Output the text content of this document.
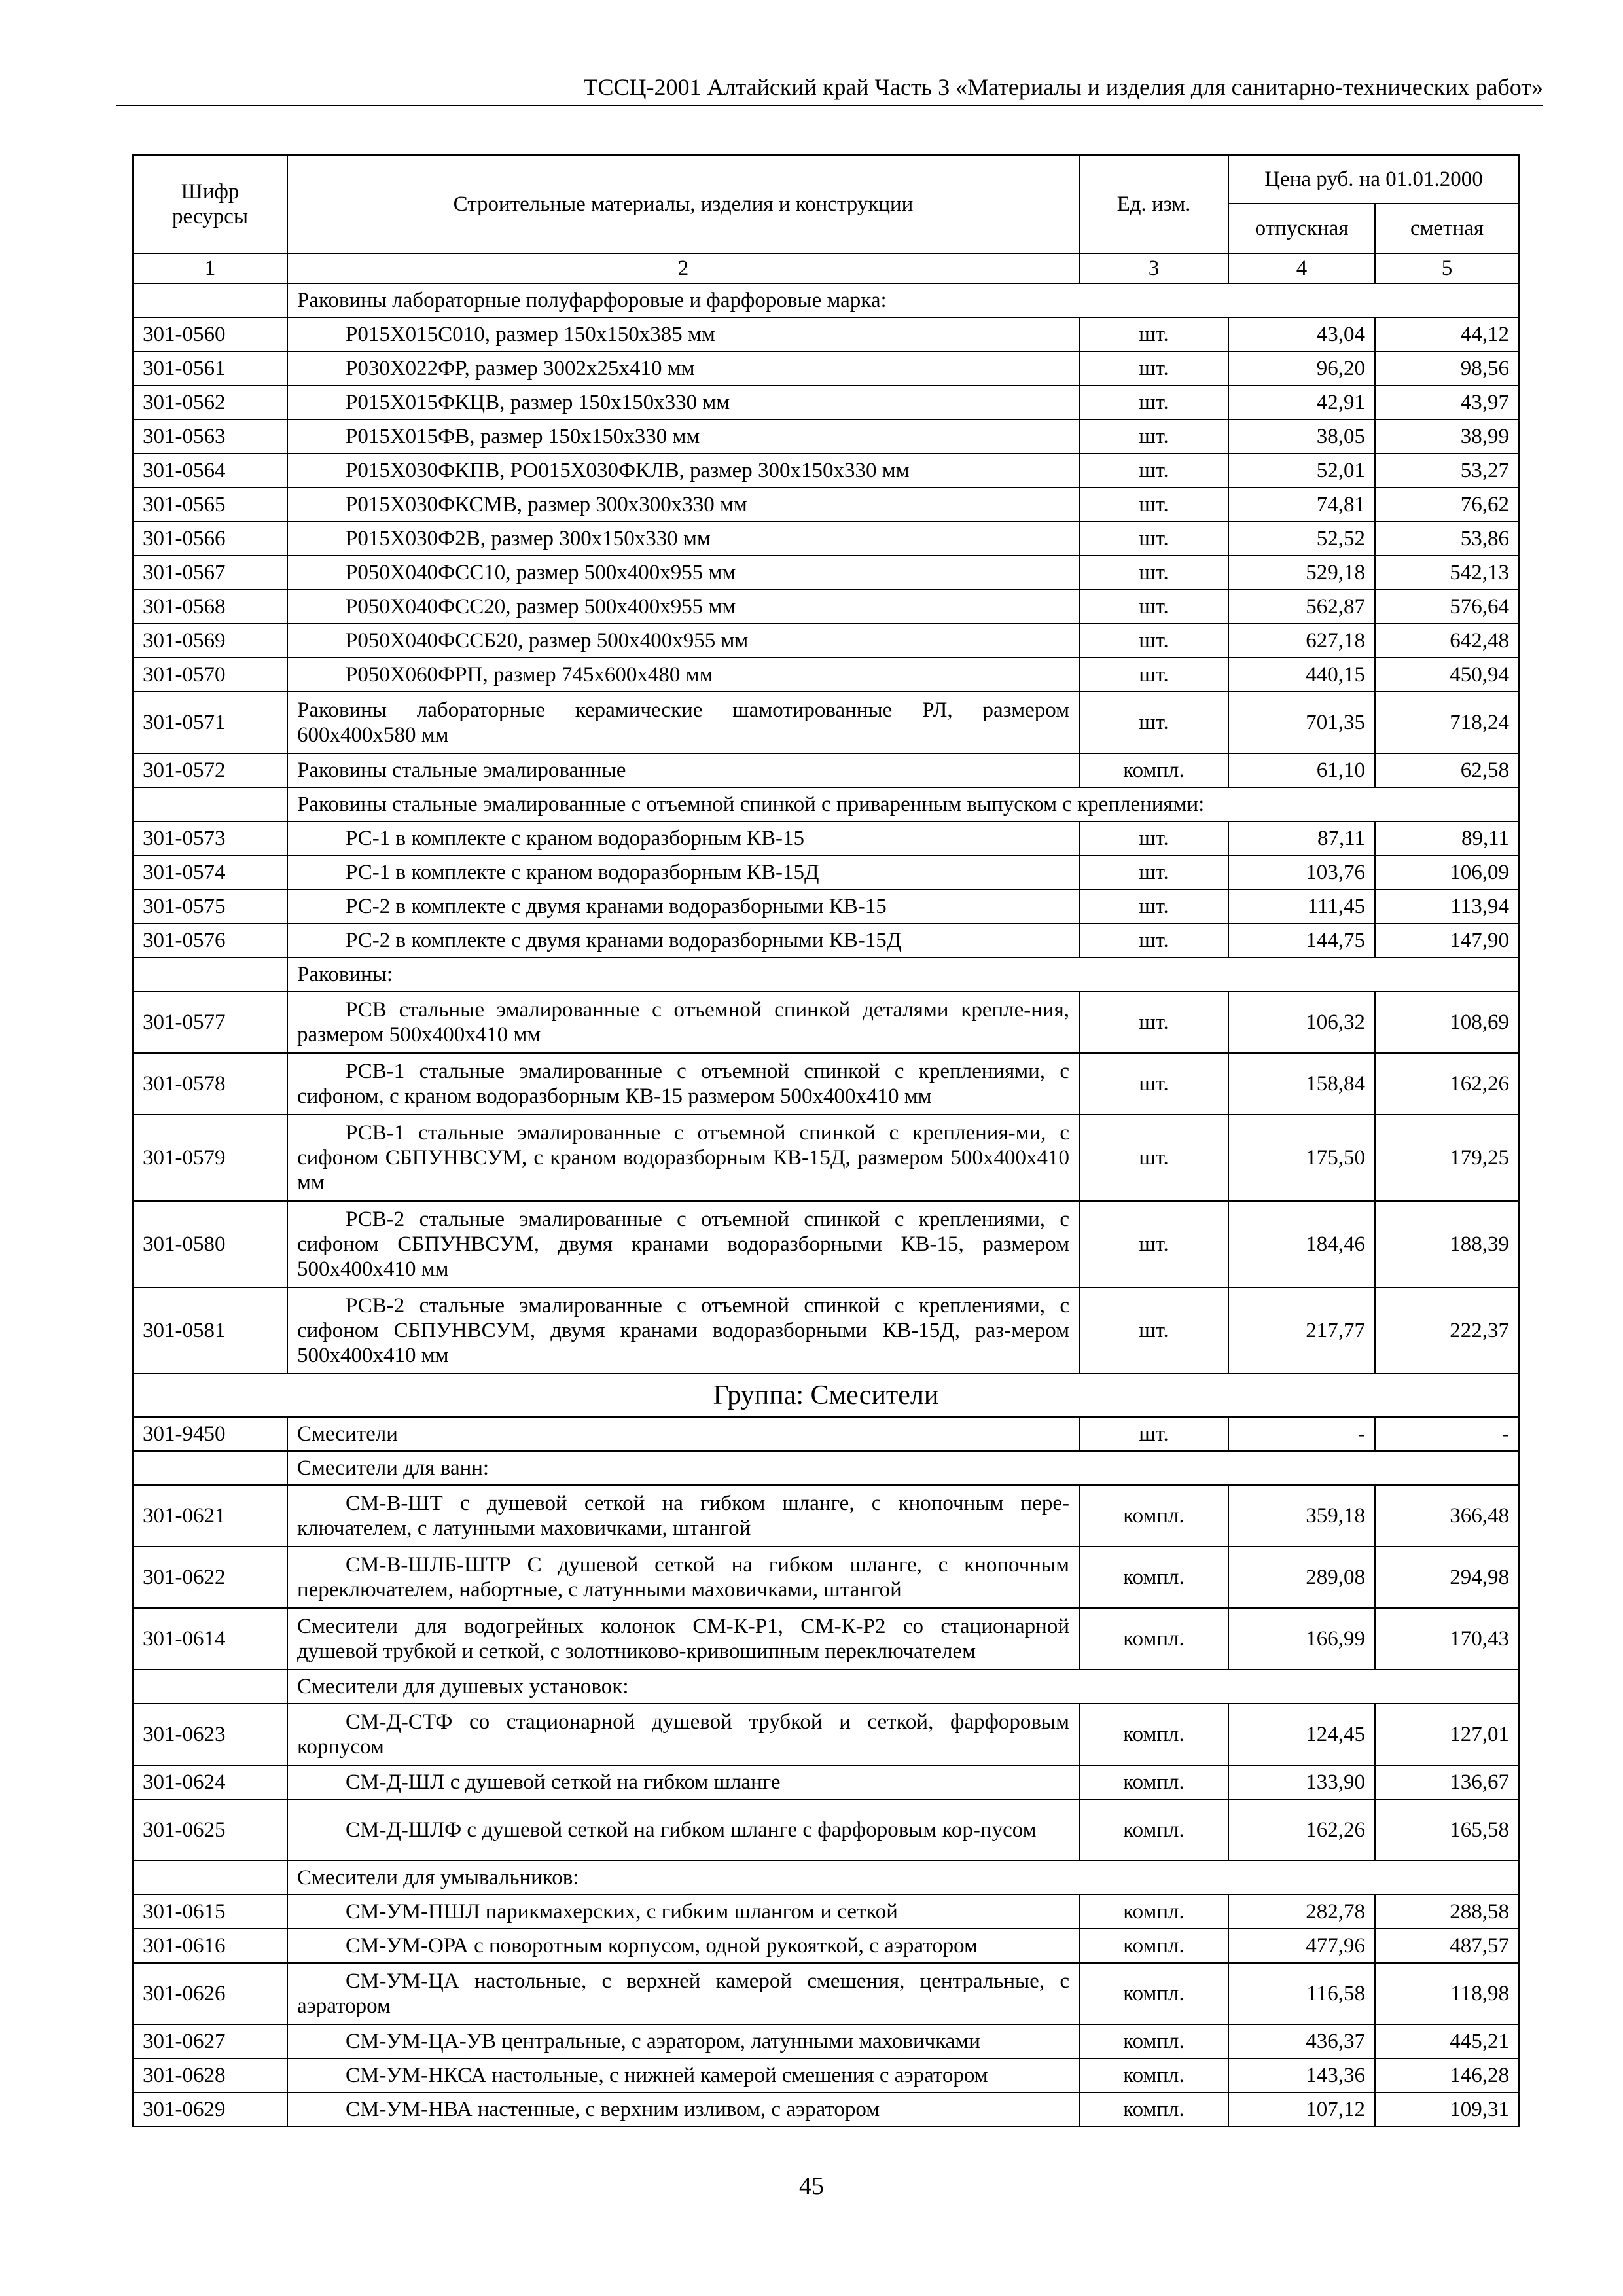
ТССЦ-2001 Алтайский край Часть 3 «Материалы и изделия для санитарно-технических работ»
Шифр ресурсы	Строительные материалы, изделия и конструкции	Ед. изм.	Цена руб. на 01.01.2000	
			отпускная	сметная
1	2	3	4	5
	Раковины лабораторные полуфарфоровые и фарфоровые марка:			
301-0560	Р015Х015С010, размер 150х150х385 мм	шт.	43,04	44,12
301-0561	Р030Х022ФР, размер 3002х25х410 мм	шт.	96,20	98,56
301-0562	Р015Х015ФКЦВ, размер 150х150х330 мм	шт.	42,91	43,97
301-0563	Р015Х015ФВ, размер 150х150х330 мм	шт.	38,05	38,99
301-0564	Р015Х030ФКПВ, РО015Х030ФКЛВ, размер 300х150х330 мм	шт.	52,01	53,27
301-0565	Р015Х030ФКСМВ, размер 300х300х330 мм	шт.	74,81	76,62
301-0566	Р015Х030Ф2В, размер 300х150х330 мм	шт.	52,52	53,86
301-0567	Р050Х040ФСС10, размер 500х400х955 мм	шт.	529,18	542,13
301-0568	Р050Х040ФСС20, размер 500х400х955 мм	шт.	562,87	576,64
301-0569	Р050Х040ФССБ20, размер 500х400х955 мм	шт.	627,18	642,48
301-0570	Р050Х060ФРП, размер 745х600х480 мм	шт.	440,15	450,94
301-0571	Раковины лабораторные керамические шамотированные РЛ, размером 600х400х580 мм	шт.	701,35	718,24
301-0572	Раковины стальные эмалированные	компл.	61,10	62,58
	Раковины стальные эмалированные с отъемной спинкой с приваренным выпуском с креплениями:			
301-0573	РС-1 в комплекте с краном водоразборным КВ-15	шт.	87,11	89,11
301-0574	РС-1 в комплекте с краном водоразборным КВ-15Д	шт.	103,76	106,09
301-0575	РС-2 в комплекте с двумя кранами водоразборными КВ-15	шт.	111,45	113,94
301-0576	РС-2 в комплекте с двумя кранами водоразборными КВ-15Д	шт.	144,75	147,90
	Раковины:			
301-0577	РСВ стальные эмалированные с отъемной спинкой деталями крепле-ния, размером 500х400х410 мм	шт.	106,32	108,69
301-0578	РСВ-1 стальные эмалированные с отъемной спинкой с креплениями, с сифоном, с краном водоразборным КВ-15 размером 500х400х410 мм	шт.	158,84	162,26
301-0579	РСВ-1 стальные эмалированные с отъемной спинкой с крепления-ми, с сифоном СБПУНВСУМ, с краном водоразборным КВ-15Д, размером 500х400х410 мм	шт.	175,50	179,25
301-0580	РСВ-2 стальные эмалированные с отъемной спинкой с креплениями, с сифоном СБПУНВСУМ, двумя кранами водоразборными КВ-15, размером 500х400х410 мм	шт.	184,46	188,39
301-0581	РСВ-2 стальные эмалированные с отъемной спинкой с креплениями, с сифоном СБПУНВСУМ, двумя кранами водоразборными КВ-15Д, раз-мером 500х400х410 мм	шт.	217,77	222,37
Группа: Смесители				
301-9450	Смесители	шт.	-	-
	Смесители для ванн:			
301-0621	СМ-В-ШТ с душевой сеткой на гибком шланге, с кнопочным пере-ключателем, с латунными маховичками, штангой	компл.	359,18	366,48
301-0622	СМ-В-ШЛБ-ШТР С душевой сеткой на гибком шланге, с кнопочным переключателем, набортные, с латунными маховичками, штангой	компл.	289,08	294,98
301-0614	Смесители для водогрейных колонок СМ-К-Р1, СМ-К-Р2 со стационарной душевой трубкой и сеткой, с золотниково-кривошипным переключателем	компл.	166,99	170,43
	Смесители для душевых установок:			
301-0623	СМ-Д-СТФ со стационарной душевой трубкой и сеткой, фарфоровым корпусом	компл.	124,45	127,01
301-0624	СМ-Д-ШЛ с душевой сеткой на гибком шланге	компл.	133,90	136,67
301-0625	СМ-Д-ШЛФ с душевой сеткой на гибком шланге с фарфоровым кор-пусом	компл.	162,26	165,58
	Смесители для умывальников:			
301-0615	СМ-УМ-ПШЛ парикмахерских, с гибким шлангом и сеткой	компл.	282,78	288,58
301-0616	СМ-УМ-ОРА с поворотным корпусом, одной рукояткой, с аэратором	компл.	477,96	487,57
301-0626	СМ-УМ-ЦА настольные, с верхней камерой смешения, центральные, с аэратором	компл.	116,58	118,98
301-0627	СМ-УМ-ЦА-УВ центральные, с аэратором, латунными маховичками	компл.	436,37	445,21
301-0628	СМ-УМ-НКСА настольные, с нижней камерой смешения с аэратором	компл.	143,36	146,28
301-0629	СМ-УМ-НВА настенные, с верхним изливом, с аэратором	компл.	107,12	109,31
45
